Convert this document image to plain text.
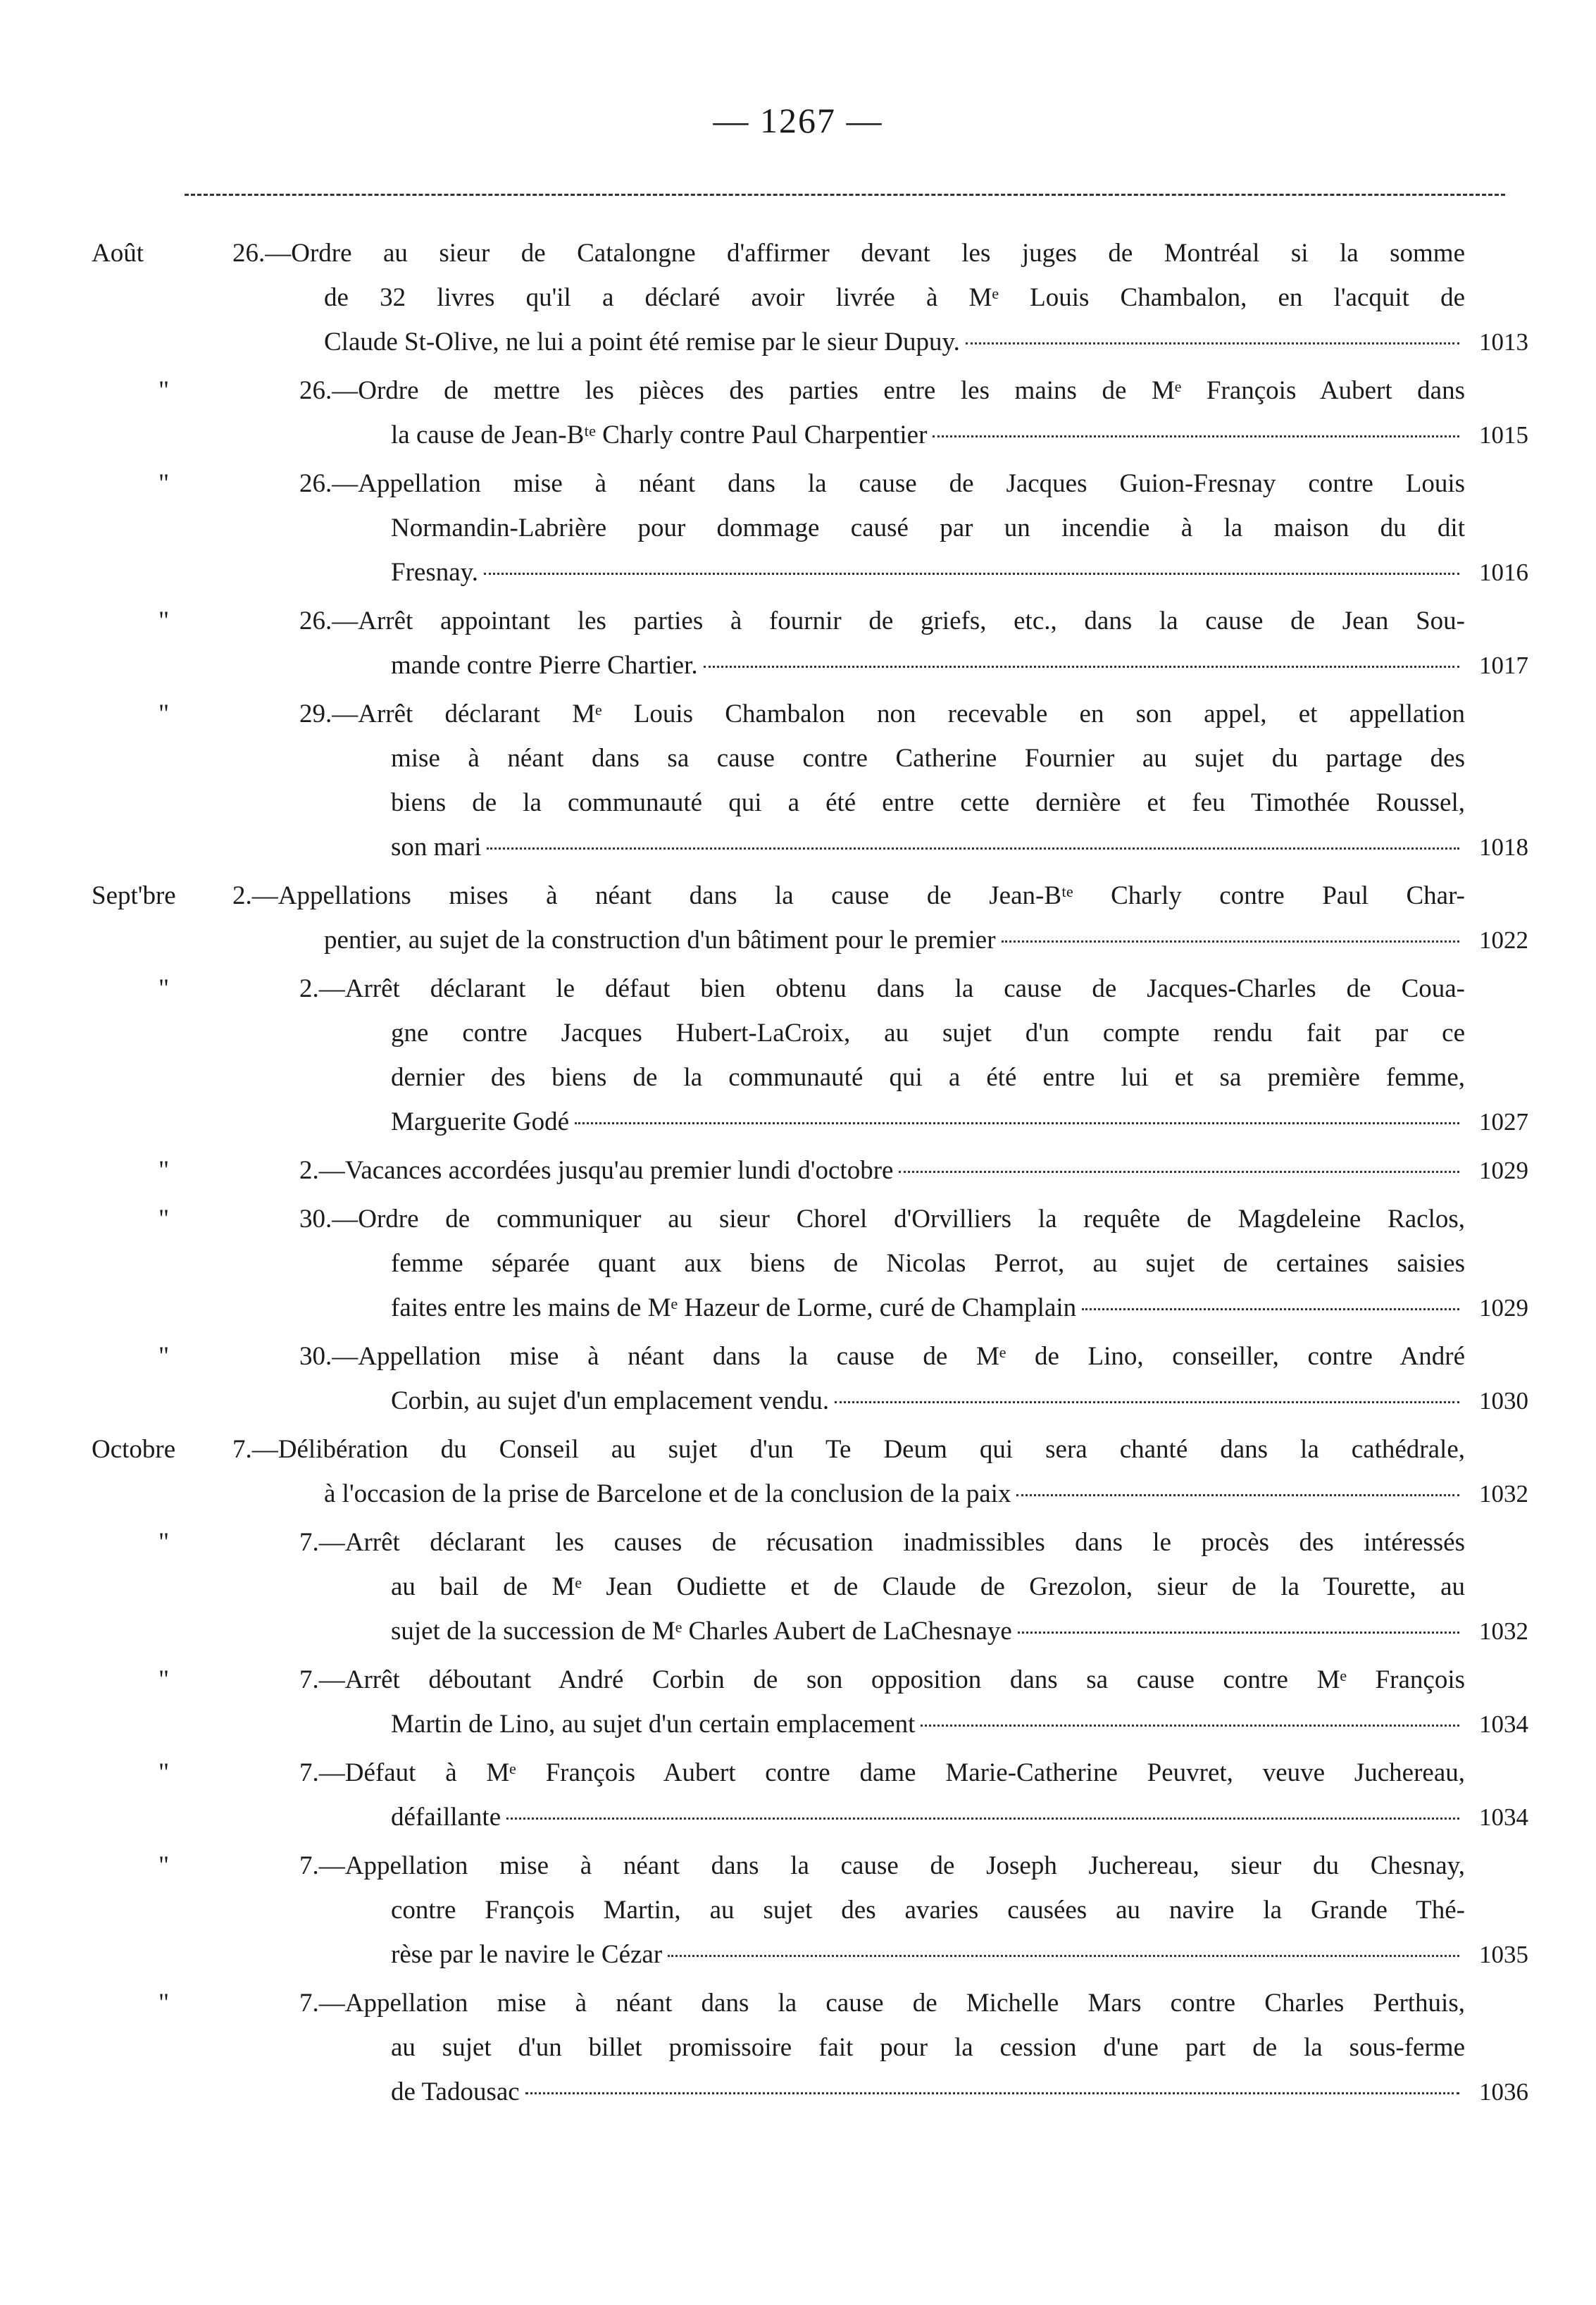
— 1267 —
Août	26.—Ordre au sieur de Catalongne d'affirmer devant les juges de Montréal si la somme
de 32 livres qu'il a déclaré avoir livrée à Mᵉ Louis Chambalon, en l'acquit de
Claude St-Olive, ne lui a point été remise par le sieur Dupuy.	1013
"	26.—Ordre de mettre les pièces des parties entre les mains de Mᵉ François Aubert dans
la cause de Jean-Bᵗᵉ Charly contre Paul Charpentier	1015
"	26.—Appellation mise à néant dans la cause de Jacques Guion-Fresnay contre Louis
Normandin-Labrière pour dommage causé par un incendie à la maison du dit
Fresnay.	1016
"	26.—Arrêt appointant les parties à fournir de griefs, etc., dans la cause de Jean Sou-
mande contre Pierre Chartier.	1017
"	29.—Arrêt déclarant Mᵉ Louis Chambalon non recevable en son appel, et appellation
mise à néant dans sa cause contre Catherine Fournier au sujet du partage des
biens de la communauté qui a été entre cette dernière et feu Timothée Roussel,
son mari	1018
Sept'bre	2.—Appellations mises à néant dans la cause de Jean-Bᵗᵉ Charly contre Paul Char-
pentier, au sujet de la construction d'un bâtiment pour le premier	1022
"	2.—Arrêt déclarant le défaut bien obtenu dans la cause de Jacques-Charles de Coua-
gne contre Jacques Hubert-LaCroix, au sujet d'un compte rendu fait par ce
dernier des biens de la communauté qui a été entre lui et sa première femme,
Marguerite Godé	1027
"	2.—Vacances accordées jusqu'au premier lundi d'octobre	1029
"	30.—Ordre de communiquer au sieur Chorel d'Orvilliers la requête de Magdeleine Raclos,
femme séparée quant aux biens de Nicolas Perrot, au sujet de certaines saisies
faites entre les mains de Mᵉ Hazeur de Lorme, curé de Champlain	1029
"	30.—Appellation mise à néant dans la cause de Mᵉ de Lino, conseiller, contre André
Corbin, au sujet d'un emplacement vendu.	1030
Octobre	7.—Délibération du Conseil au sujet d'un Te Deum qui sera chanté dans la cathédrale,
à l'occasion de la prise de Barcelone et de la conclusion de la paix	1032
"	7.—Arrêt déclarant les causes de récusation inadmissibles dans le procès des intéressés
au bail de Mᵉ Jean Oudiette et de Claude de Grezolon, sieur de la Tourette, au
sujet de la succession de Mᵉ Charles Aubert de LaChesnaye	1032
"	7.—Arrêt déboutant André Corbin de son opposition dans sa cause contre Mᵉ François
Martin de Lino, au sujet d'un certain emplacement	1034
"	7.—Défaut à Mᵉ François Aubert contre dame Marie-Catherine Peuvret, veuve Juchereau,
défaillante	1034
"	7.—Appellation mise à néant dans la cause de Joseph Juchereau, sieur du Chesnay,
contre François Martin, au sujet des avaries causées au navire la Grande Thé-
rèse par le navire le Cézar	1035
"	7.—Appellation mise à néant dans la cause de Michelle Mars contre Charles Perthuis,
au sujet d'un billet promissoire fait pour la cession d'une part de la sous-ferme
de Tadousac	1036
